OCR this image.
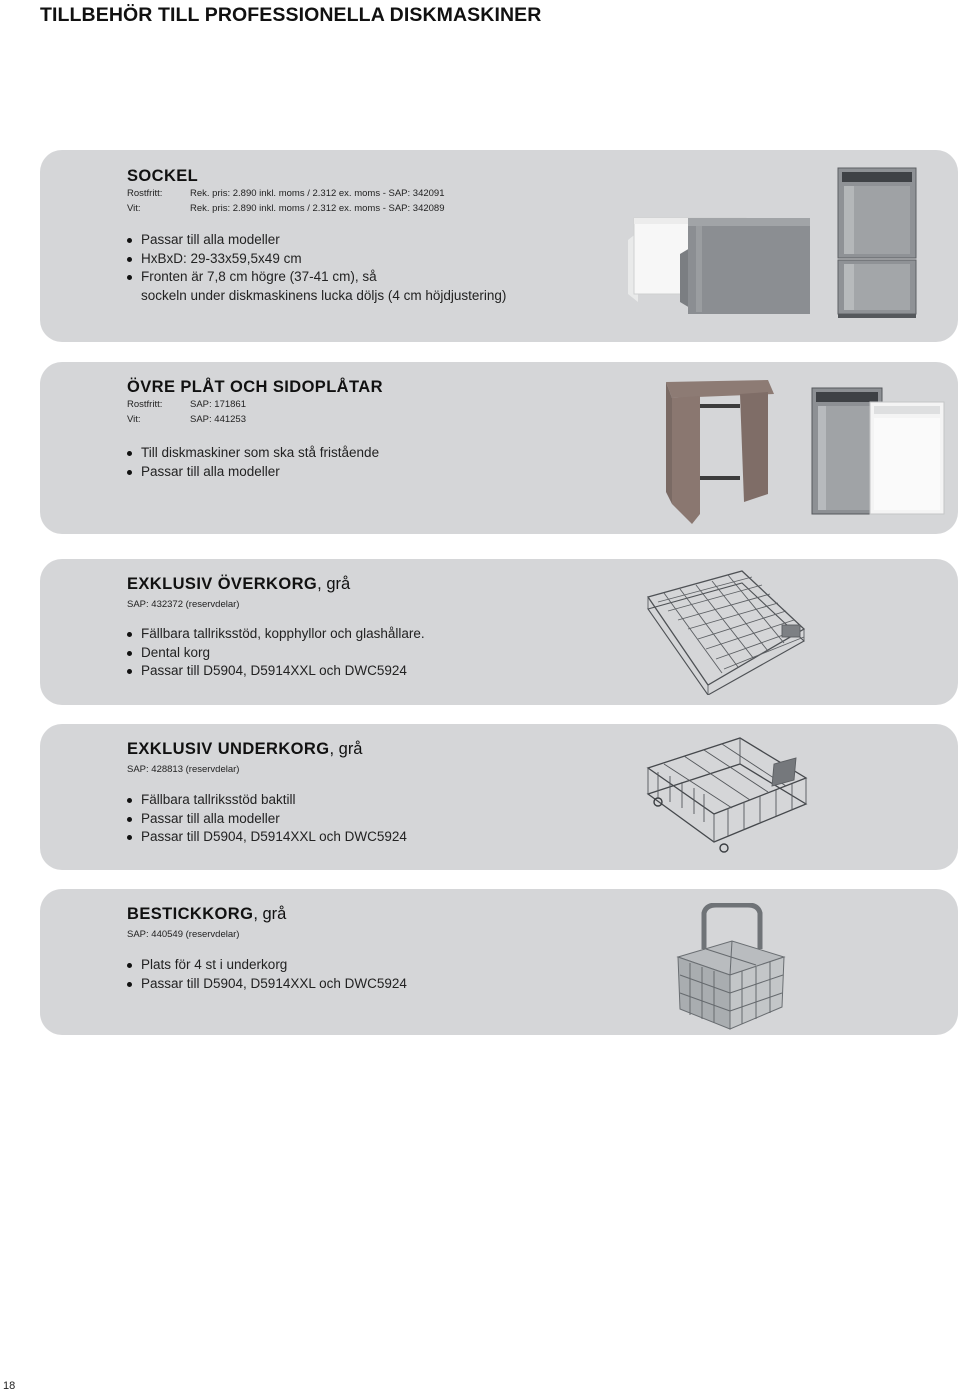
TILLBEHÖR TILL PROFESSIONELLA DISKMASKINER
SOCKEL
Rostfritt:	Rek. pris: 2.890 inkl. moms / 2.312 ex. moms - SAP: 342091
Vit:	Rek. pris: 2.890 inkl. moms / 2.312 ex. moms - SAP: 342089
Passar till alla modeller
HxBxD: 29-33x59,5x49 cm
Fronten är 7,8 cm högre (37-41 cm), så
sockeln under diskmaskinens lucka döljs (4 cm höjdjustering)
ÖVRE PLÅT OCH SIDOPLÅTAR
Rostfritt:	SAP: 171861
Vit:	SAP: 441253
Till diskmaskiner som ska stå fristående
Passar till alla modeller
EXKLUSIV ÖVERKORG, grå
SAP: 432372 (reservdelar)
Fällbara tallriksstöd, kopphyllor och glashållare.
Dental korg
Passar till D5904, D5914XXL och DWC5924
EXKLUSIV UNDERKORG, grå
SAP: 428813 (reservdelar)
Fällbara tallriksstöd baktill
Passar till alla modeller
Passar till D5904, D5914XXL och DWC5924
BESTICKKORG, grå
SAP: 440549 (reservdelar)
Plats för 4 st i underkorg
Passar till D5904, D5914XXL och DWC5924
18
